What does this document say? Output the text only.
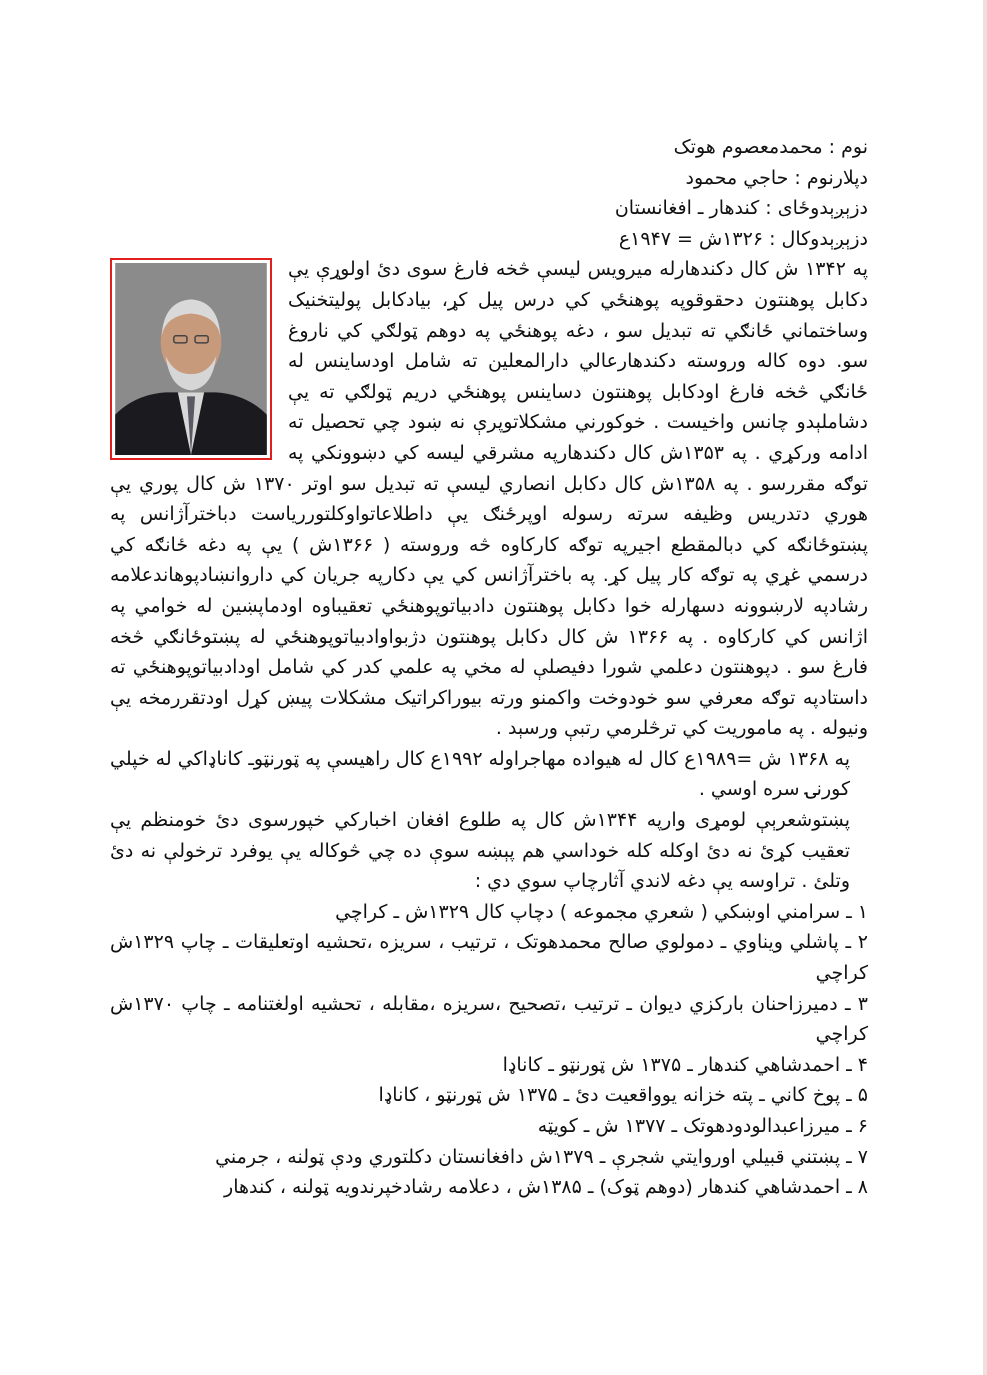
نوم : محمدمعصوم هوتک

دپلارنوم : حاجي محمود

دزېږېدوځای : کندهار ـ افغانستان

دزېږېدوکال : ۱۳۲۶ش = ۱۹۴۷ع

په ۱۳۴۲ ش کال دکندهارله میرویس لیسې څخه فارغ سوی دئ اولوړې یې دکابل پوهنتون دحقوقوپه پوهنځي کي درس پیل کړ، بیادکابل پولیتخنیک وساختماني ځانګي ته تبدیل سو ، دغه پوهنځي په دوهم ټولګي کي ناروغ سو. دوه کاله وروسته دکندهارعالي دارالمعلین ته شامل اودساینس له ځانګي څخه فارغ اودکابل پوهنتون دساینس پوهنځي دریم ټولګي ته یې دشاملېدو چانس واخیست . خوکورني مشکلاتوپرې نه ښود چي تحصیل ته ادامه ورکړي . په ۱۳۵۳ش کال دکندهارپه مشرقي لیسه کي دښوونکي په توګه مقررسو . په ۱۳۵۸ش کال دکابل انصاري لیسې ته تبدیل سو اوتر ۱۳۷۰ ش کال پوري یې هوري دتدریس وظیفه سرته رسوله اوپرځنګ یې داطلاعاتواوکلتورریاست دباخترآژانس په پښتوځانګه کي دبالمقطع اجیرپه توګه کارکاوه څه وروسته ( ۱۳۶۶ش ) یې په دغه ځانګه کي درسمي غړي په توګه کار پیل کړ. په باخترآژانس کي یې دکارپه جریان کي داروانښادپوهاندعلامه رشادپه لارښوونه دسهارله خوا دکابل پوهنتون دادبیاتوپوهنځي تعقیباوه اودماپښین له خوامي په اژانس کي کارکاوه . په ۱۳۶۶ ش کال دکابل پوهنتون دژبواوادبیاتوپوهنځي له پښتوځانګي څخه فارغ سو . دپوهنتون دعلمي شورا دفیصلې له مخي په علمي کدر کي شامل اودادبیاتوپوهنځي ته داستادپه توګه معرفي سو خودوخت واکمنو ورته بیوراکراتیک مشکلات پیښ کړل اودتقررمخه یې ونیوله . په ماموریت کي ترڅلرمي رتبې ورسېد .

په ۱۳۶۸ ش =۱۹۸۹ع کال له هیواده مهاجراوله ۱۹۹۲ع کال راهیسې په ټورنټوـ کاناډاکي له خپلي کورنۍ سره اوسي .

پښتوشعرېې لومړی وارپه ۱۳۴۴ش کال په طلوع افغان اخبارکي خپورسوی دئ خومنظم یې تعقیب کړئ نه دئ اوکله کله خوداسي هم پېښه سوې ده چي څوکاله یې یوفرد ترخولې نه دئ وتلئ . تراوسه یې دغه لاندي آثارچاپ سوي دي :

۱ ـ سرامني اوښکي ( شعري مجموعه ) دچاپ کال ۱۳۲۹ش ـ کراچي
۲ ـ پاشلي ویناوي ـ دمولوي صالح محمدهوتک ، ترتیب ، سریزه ،تحشیه اوتعلیقات ـ چاپ ۱۳۲۹ش کراچي
۳ ـ دمیرزاحنان بارکزي دیوان ـ ترتیب ،تصحیح ،سریزه ،مقابله ، تحشیه اولغتنامه ـ چاپ ۱۳۷۰ش کراچي
۴ ـ احمدشاهي کندهار ـ ۱۳۷۵ ش ټورنټو ـ کاناډا
۵ ـ پوخ کاني ـ پته خزانه یوواقعیت دئ ـ ۱۳۷۵ ش ټورنټو ، کاناډا
۶ ـ میرزاعبدالودودهوتک ـ ۱۳۷۷ ش ـ کویټه
۷ ـ پښتني قبیلي اوروایتي شجرې ـ ۱۳۷۹ش دافغانستان دکلتوري ودې ټولنه ، جرمني
۸ ـ احمدشاهي کندهار (دوهم ټوک) ـ ۱۳۸۵ش ، دعلامه رشادخپرندویه ټولنه ، کندهار
